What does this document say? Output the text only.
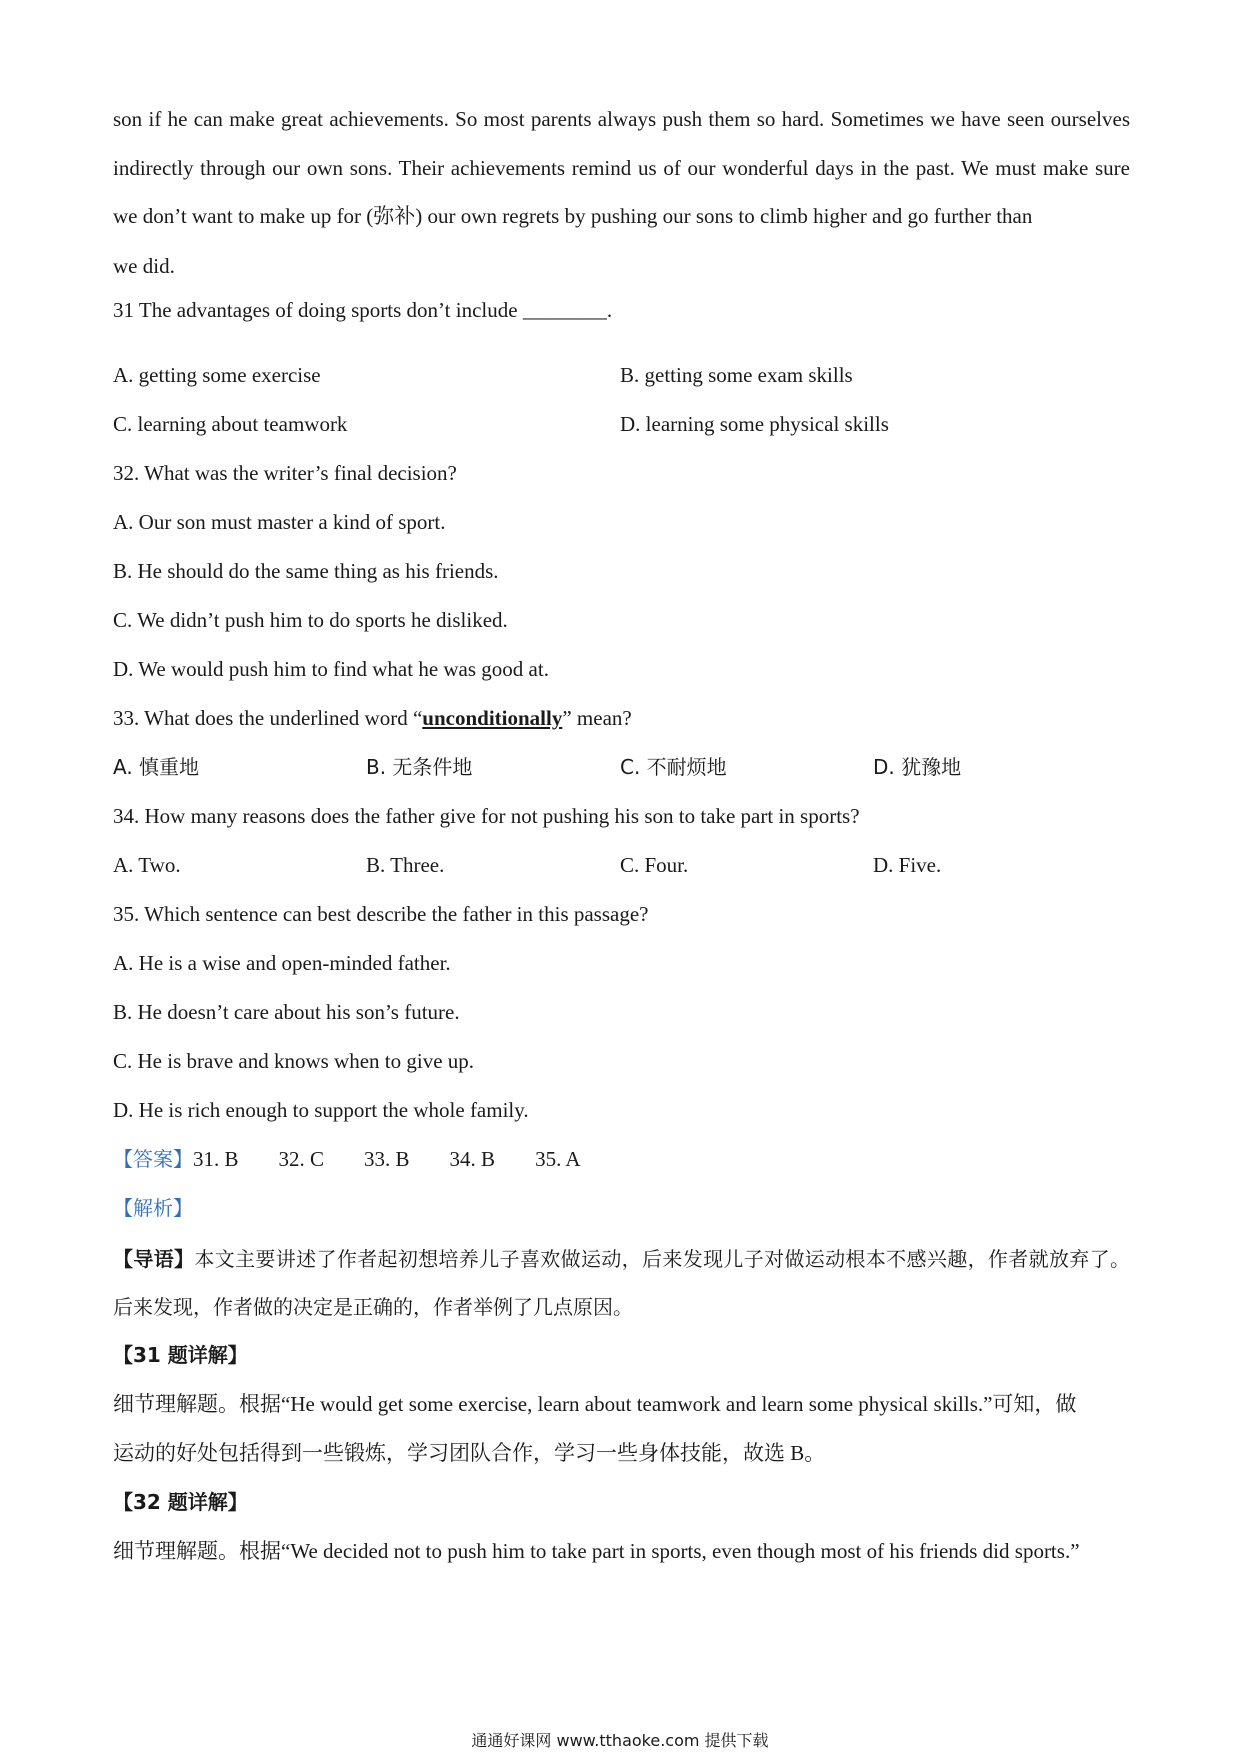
son if he can make great achievements. So most parents always push them so hard. Sometimes we have seen ourselves indirectly through our own sons. Their achievements remind us of our wonderful days in the past. We must make sure we don’t want to make up for (弥补) our own regrets by pushing our sons to climb higher and go further than
we did.
31 The advantages of doing sports don’t include ________.
A. getting some exercise	B. getting some exam skills
C. learning about teamwork	D. learning some physical skills
32. What was the writer’s final decision?
A. Our son must master a kind of sport.
B. He should do the same thing as his friends.
C. We didn’t push him to do sports he disliked.
D. We would push him to find what he was good at.
33. What does the underlined word “unconditionally” mean?
A. 慎重地	B. 无条件地	C. 不耐烦地	D. 犹豫地
34. How many reasons does the father give for not pushing his son to take part in sports?
A. Two.	B. Three.	C. Four.	D. Five.
35. Which sentence can best describe the father in this passage?
A. He is a wise and open-minded father.
B. He doesn’t care about his son’s future.
C. He is brave and knows when to give up.
D. He is rich enough to support the whole family.
【答案】31. B 32. C 33. B 34. B 35. A
【解析】
【导语】本文主要讲述了作者起初想培养儿子喜欢做运动，后来发现儿子对做运动根本不感兴趣，作者就放弃了。后来发现，作者做的决定是正确的，作者举例了几点原因。
【31 题详解】
细节理解题。根据“He would get some exercise, learn about teamwork and learn some physical skills.”可知，做
运动的好处包括得到一些锻炼，学习团队合作，学习一些身体技能，故选 B。
【32 题详解】
细节理解题。根据“We decided not to push him to take part in sports, even though most of his friends did sports.”
通通好课网 www.tthaoke.com 提供下载
